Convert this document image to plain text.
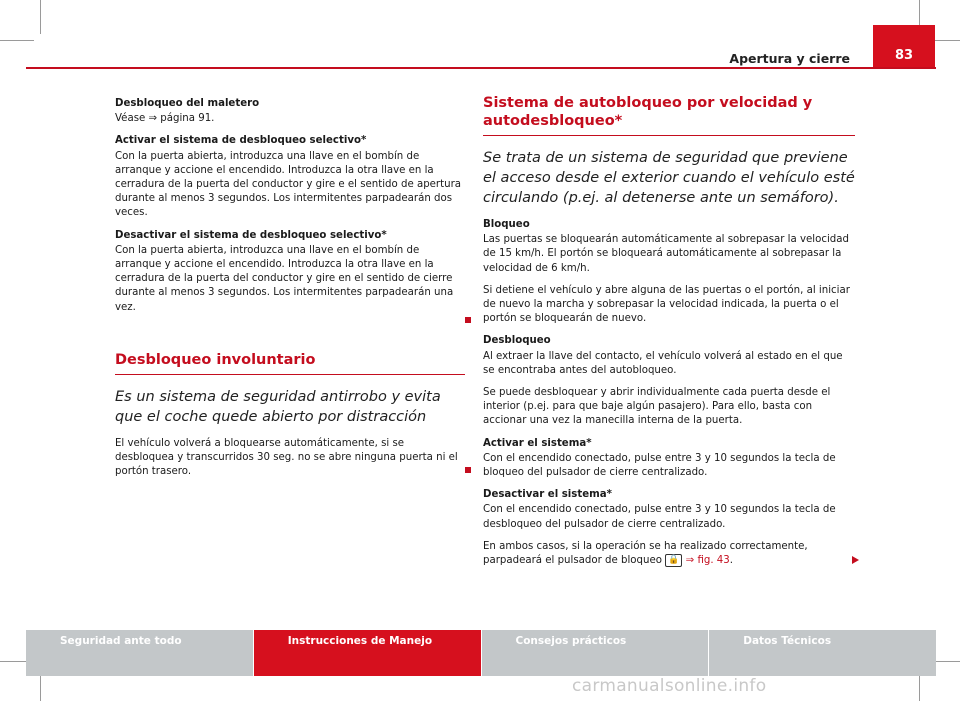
Apertura y cierre	83

Desbloqueo del maletero

Véase ⇒ página 91.

Activar el sistema de desbloqueo selectivo*

Con la puerta abierta, introduzca una llave en el bombín de arranque y accione el encendido. Introduzca la otra llave en la cerradura de la puerta del conductor y gire e el sentido de apertura durante al menos 3 segundos. Los intermitentes parpadearán dos veces.

Desactivar el sistema de desbloqueo selectivo*

Con la puerta abierta, introduzca una llave en el bombín de arranque y accione el encendido. Introduzca la otra llave en la cerradura de la puerta del conductor y gire en el sentido de cierre durante al menos 3 segundos. Los intermitentes parpadearán una vez.

Desbloqueo involuntario

Es un sistema de seguridad antirrobo y evita que el coche quede abierto por distracción

El vehículo volverá a bloquearse automáticamente, si se desbloquea y transcurridos 30 seg. no se abre ninguna puerta ni el portón trasero.

Sistema de autobloqueo por velocidad y autodesbloqueo*

Se trata de un sistema de seguridad que previene el acceso desde el exterior cuando el vehículo esté circulando (p.ej. al detenerse ante un semáforo).

Bloqueo

Las puertas se bloquearán automáticamente al sobrepasar la velocidad de 15 km/h. El portón se bloqueará automáticamente al sobrepasar la velocidad de 6 km/h.

Si detiene el vehículo y abre alguna de las puertas o el portón, al iniciar de nuevo la marcha y sobrepasar la velocidad indicada, la puerta o el portón se bloquearán de nuevo.

Desbloqueo

Al extraer la llave del contacto, el vehículo volverá al estado en el que se encontraba antes del autobloqueo.

Se puede desbloquear y abrir individualmente cada puerta desde el interior (p.ej. para que baje algún pasajero). Para ello, basta con accionar una vez la manecilla interna de la puerta.

Activar el sistema*

Con el encendido conectado, pulse entre 3 y 10 segundos la tecla de bloqueo del pulsador de cierre centralizado.

Desactivar el sistema*

Con el encendido conectado, pulse entre 3 y 10 segundos la tecla de desbloqueo del pulsador de cierre centralizado.

En ambos casos, si la operación se ha realizado correctamente, parpadeará el pulsador de bloqueo 🔒 ⇒ fig. 43.

Seguridad ante todo	Instrucciones de Manejo	Consejos prácticos	Datos Técnicos
carmanualsonline.info
